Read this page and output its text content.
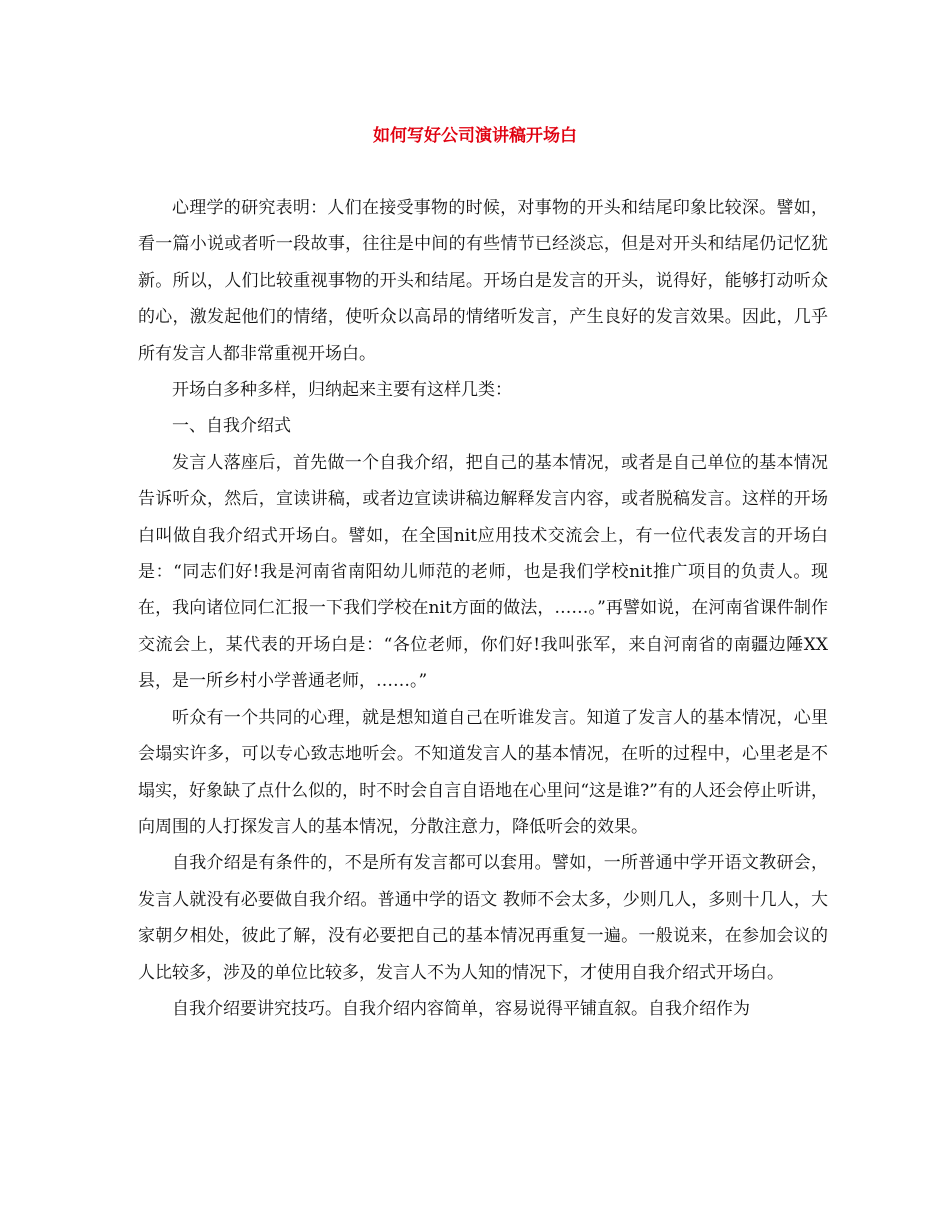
如何写好公司演讲稿开场白

心理学的研究表明：人们在接受事物的时候，对事物的开头和结尾印象比较深。譬如，看一篇小说或者听一段故事，往往是中间的有些情节已经淡忘，但是对开头和结尾仍记忆犹新。所以，人们比较重视事物的开头和结尾。开场白是发言的开头，说得好，能够打动听众的心，激发起他们的情绪，使听众以高昂的情绪听发言，产生良好的发言效果。因此，几乎所有发言人都非常重视开场白。

开场白多种多样，归纳起来主要有这样几类：

一、自我介绍式

发言人落座后，首先做一个自我介绍，把自己的基本情况，或者是自己单位的基本情况告诉听众，然后，宣读讲稿，或者边宣读讲稿边解释发言内容，或者脱稿发言。这样的开场白叫做自我介绍式开场白。譬如，在全国nit应用技术交流会上，有一位代表发言的开场白是：“同志们好!我是河南省南阳幼儿师范的老师，也是我们学校nit推广项目的负责人。现在，我向诸位同仁汇报一下我们学校在nit方面的做法，……。”再譬如说，在河南省课件制作交流会上，某代表的开场白是：“各位老师，你们好!我叫张军，来自河南省的南疆边陲XX县，是一所乡村小学普通老师，……。”

听众有一个共同的心理，就是想知道自己在听谁发言。知道了发言人的基本情况，心里会塌实许多，可以专心致志地听会。不知道发言人的基本情况，在听的过程中，心里老是不塌实，好象缺了点什么似的，时不时会自言自语地在心里问“这是谁?”有的人还会停止听讲，向周围的人打探发言人的基本情况，分散注意力，降低听会的效果。

自我介绍是有条件的，不是所有发言都可以套用。譬如，一所普通中学开语文教研会，发言人就没有必要做自我介绍。普通中学的语文 教师不会太多，少则几人，多则十几人，大家朝夕相处，彼此了解，没有必要把自己的基本情况再重复一遍。一般说来，在参加会议的人比较多，涉及的单位比较多，发言人不为人知的情况下，才使用自我介绍式开场白。

自我介绍要讲究技巧。自我介绍内容简单，容易说得平铺直叙。自我介绍作为
